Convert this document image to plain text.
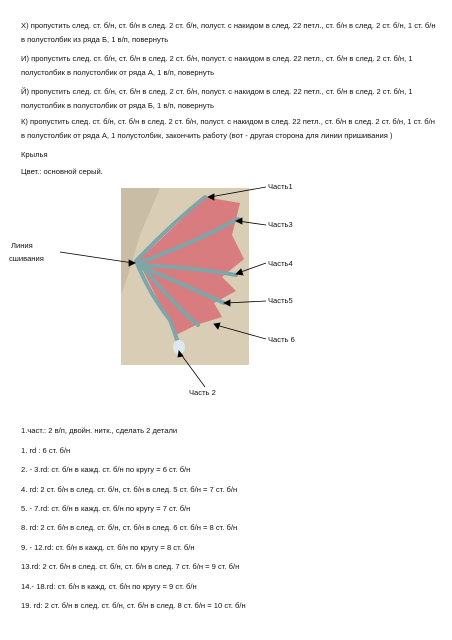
Х) пропустить след. ст. б/н, ст. б/н в след. 2 ст. б/н, полуст. с накидом в след. 22 петл., ст. б/н в след. 2 ст. б/н, 1 ст. б/н в полустолбик из ряда Б, 1 в/п, повернуть

И) пропустить след. ст. б/н, ст. б/н в след. 2 ст. б/н, полуст. с накидом в след. 22 петл., ст. б/н в след. 2 ст. б/н, 1 полустолбик в полустолбик от ряда А, 1 в/п, повернуть

Й) пропустить след. ст. б/н, ст. б/н в след. 2 ст. б/н, полуст. с накидом в след. 22 петл., ст. б/н в след. 2 ст. б/н, 1 полустолбик в полустолбик от ряда Б, 1 в/п, повернуть

К) пропустить след. ст. б/н, ст. б/н в след. 2 ст. б/н, полуст. с накидом в след. 22 петл., ст. б/н в след. 2 ст. б/н, 1 ст. б/н в полустолбик от ряда А, 1 полустолбик, закончить работу (вот - другая сторона для линии пришивания )

Крылья

Цвет.: основной серый.

Часть1
Часть3
Часть4
Часть5
Часть 6
Часть 2
Линия
сшивания

1.част.: 2 в/п, двойн. нитк., сделать 2 детали

1. rd : 6 ст. б/н

2. - 3.rd: ст. б/н в кажд. ст. б/н по кругу = 6 ст. б/н

4. rd: 2 ст. б/н в след. ст. б/н, ст. б/н в след. 5 ст. б/н = 7 ст. б/н

5. - 7.rd: ст. б/н в кажд. ст. б/н по кругу = 7 ст. б/н

8. rd: 2 ст. б/н в след. ст. б/н, ст. б/н в след. 6 ст. б/н = 8 ст. б/н

9. - 12.rd: ст. б/н в кажд. ст. б/н по кругу = 8 ст. б/н

13.rd: 2 ст. б/н в след. ст. б/н, ст. б/н в след. 7 ст. б/н = 9 ст. б/н

14.- 18.rd: ст. б/н в кажд. ст. б/н по кругу = 9 ст. б/н

19. rd: 2 ст. б/н в след. ст. б/н, ст. б/н в след. 8 ст. б/н = 10 ст. б/н
